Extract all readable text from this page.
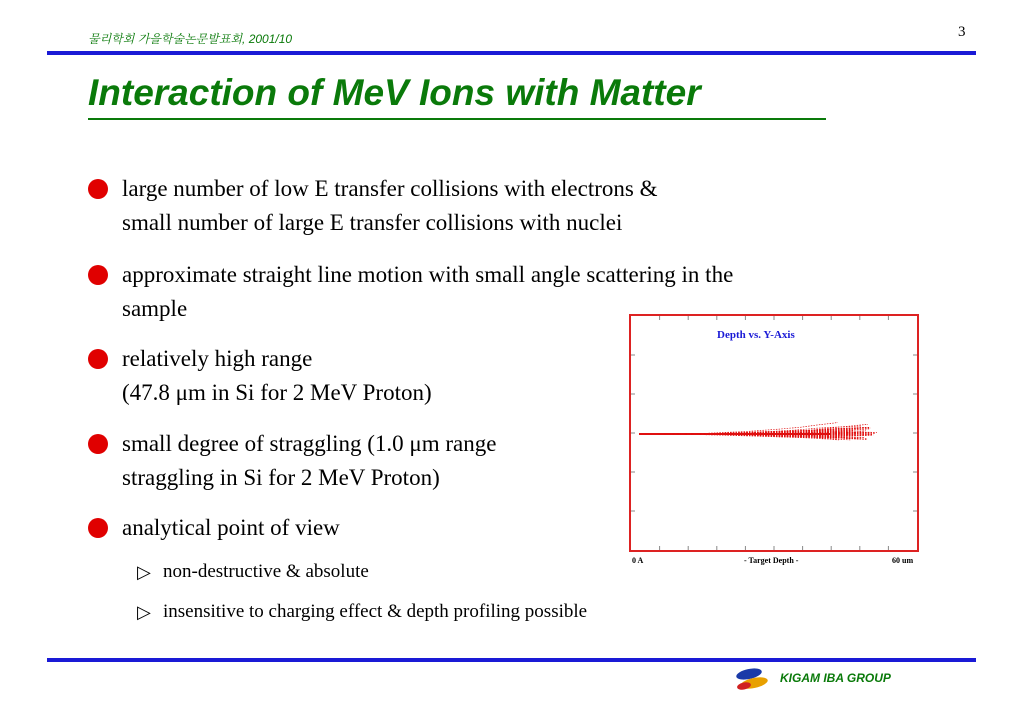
물리학회 가을학술논문발표회, 2001/10	3
Interaction of MeV Ions with Matter
large number of low E transfer collisions with electrons &
small number of large E transfer collisions with nuclei
approximate straight line motion with small angle scattering in the
sample
relatively high range
(47.8 μm in Si for 2 MeV Proton)
small degree of straggling (1.0 μm range
straggling in Si for 2 MeV Proton)
analytical point of view
▷ non-destructive & absolute
▷ insensitive to charging effect & depth profiling possible
Depth vs. Y-Axis
0 A	- Target Depth -	60 um
KIGAM IBA GROUP
